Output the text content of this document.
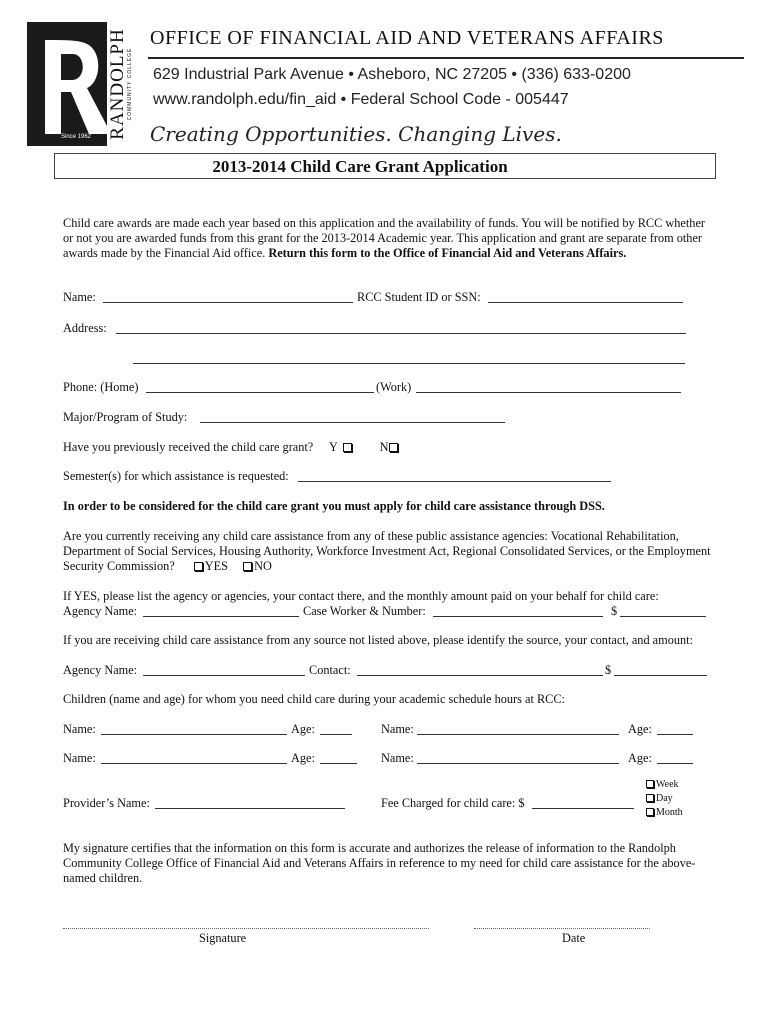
RANDOLPH COMMUNITY COLLEGE
Since 1962
OFFICE OF FINANCIAL AID AND VETERANS AFFAIRS
629 Industrial Park Avenue • Asheboro, NC 27205 • (336) 633-0200
www.randolph.edu/fin_aid • Federal School Code - 005447
Creating Opportunities. Changing Lives.
2013-2014 Child Care Grant Application
Child care awards are made each year based on this application and the availability of funds. You will be notified by RCC whether or not you are awarded funds from this grant for the 2013-2014 Academic year. This application and grant are separate from other awards made by the Financial Aid office. Return this form to the Office of Financial Aid and Veterans Affairs.
Name:	RCC Student ID or SSN:
Address:
Phone: (Home)	(Work)
Major/Program of Study:
Have you previously received the child care grant? Y	N
Semester(s) for which assistance is requested:
In order to be considered for the child care grant you must apply for child care assistance through DSS.
Are you currently receiving any child care assistance from any of these public assistance agencies: Vocational Rehabilitation, Department of Social Services, Housing Authority, Workforce Investment Act, Regional Consolidated Services, or the Employment Security Commission? YES NO
If YES, please list the agency or agencies, your contact there, and the monthly amount paid on your behalf for child care:
Agency Name:	Case Worker & Number:	$
If you are receiving child care assistance from any source not listed above, please identify the source, your contact, and amount:
Agency Name:	Contact:	$
Children (name and age) for whom you need child care during your academic schedule hours at RCC:
Name:	Age:	Name:	Age:
Name:	Age:	Name:	Age:
Provider’s Name:	Fee Charged for child care: $
Week
Day
Month
My signature certifies that the information on this form is accurate and authorizes the release of information to the Randolph Community College Office of Financial Aid and Veterans Affairs in reference to my need for child care assistance for the above-named children.
Signature	Date
